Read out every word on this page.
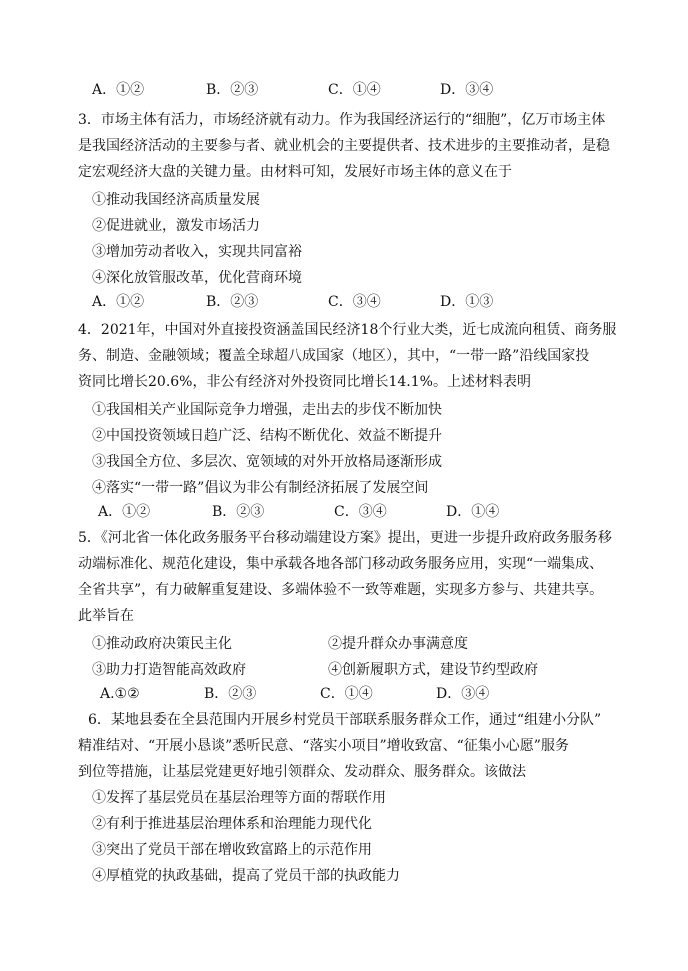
A．①②	B．②③	C．①④	D．③④
3．市场主体有活力，市场经济就有动力。作为我国经济运行的“细胞”，亿万市场主体
是我国经济活动的主要参与者、就业机会的主要提供者、技术进步的主要推动者，是稳
定宏观经济大盘的关键力量。由材料可知，发展好市场主体的意义在于
①推动我国经济高质量发展
②促进就业，激发市场活力
③增加劳动者收入，实现共同富裕
④深化放管服改革，优化营商环境
A．①②	B．②③	C．③④	D．①③
4．2021年，中国对外直接投资涵盖国民经济18个行业大类，近七成流向租赁、商务服
务、制造、金融领域；覆盖全球超八成国家（地区），其中，“一带一路”沿线国家投
资同比增长20.6%，非公有经济对外投资同比增长14.1%。上述材料表明
①我国相关产业国际竞争力增强，走出去的步伐不断加快
②中国投资领域日趋广泛、结构不断优化、效益不断提升
③我国全方位、多层次、宽领域的对外开放格局逐渐形成
④落实“一带一路”倡议为非公有制经济拓展了发展空间
A．①②	B．②③	C．③④	D．①④
5．《河北省一体化政务服务平台移动端建设方案》提出，更进一步提升政府政务服务移
动端标准化、规范化建设，集中承载各地各部门移动政务服务应用，实现“一端集成、
全省共享”，有力破解重复建设、多端体验不一致等难题，实现多方参与、共建共享。
此举旨在
①推动政府决策民主化	②提升群众办事满意度
③助力打造智能高效政府	④创新履职方式，建设节约型政府
A.①②	B．②③	C．①④	D．③④
6．某地县委在全县范围内开展乡村党员干部联系服务群众工作，通过“组建小分队”
精准结对、“开展小恳谈”悉听民意、“落实小项目”增收致富、“征集小心愿”服务
到位等措施，让基层党建更好地引领群众、发动群众、服务群众。该做法
①发挥了基层党员在基层治理等方面的帮联作用
②有利于推进基层治理体系和治理能力现代化
③突出了党员干部在增收致富路上的示范作用
④厚植党的执政基础，提高了党员干部的执政能力
